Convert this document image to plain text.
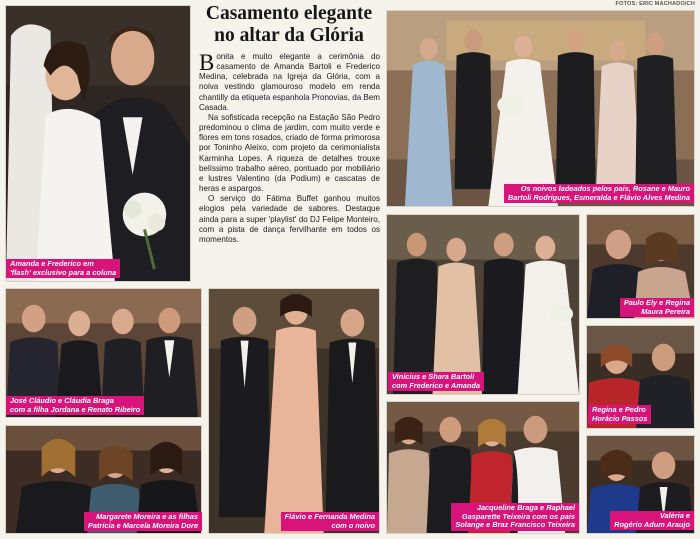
FOTOS: ERIC MACHADO/CH
Casamento elegante
no altar da Glória

Bonita e muito elegante a cerimônia do casamento de Amanda Bartoli e Frederico Medina, celebrada na Igreja da Glória, com a noiva vestindo glamouroso modelo em renda chantilly da etiqueta espanhola Pronovias, da Bem Casada.

Na sofisticada recepção na Estação São Pedro predominou o clima de jardim, com muito verde e flores em tons rosados, criado de forma primorosa por Toninho Aleixo, com projeto da cerimonialista Karminha Lopes. A riqueza de detalhes trouxe belíssimo trabalho aéreo, pontuado por mobiliário e lustres Valentino (da Podium) e cascatas de heras e aspargos.

O serviço do Fátima Buffet ganhou muitos elogios pela variedade de sabores. Destaque ainda para a super 'playlist' do DJ Felipe Monteiro, com a pista de dança fervilhante em todos os momentos.

Amanda e Frederico em
'flash' exclusivo para a coluna
Os noivos ladeados pelos pais, Rosane e Mauro
Bartoli Rodrigues, Esmeralda e Flávio Alves Medina
Vinícius e Shara Bartoli
com Frederico e Amanda
Paulo Ely e Regina
Maura Pereira
Regina e Pedro
Horácio Passos
José Cláudio e Cláudia Braga
com a filha Jordana e Renato Ribeiro
Margarete Moreira e as filhas
Patrícia e Marcela Moreira Dore
Flávio e Fernanda Medina
com o noivo
Jacqueline Braga e Raphael
Gasparette Teixeira com os pais
Solange e Braz Francisco Teixeira
Valéria e
Rogério Adum Araujo
